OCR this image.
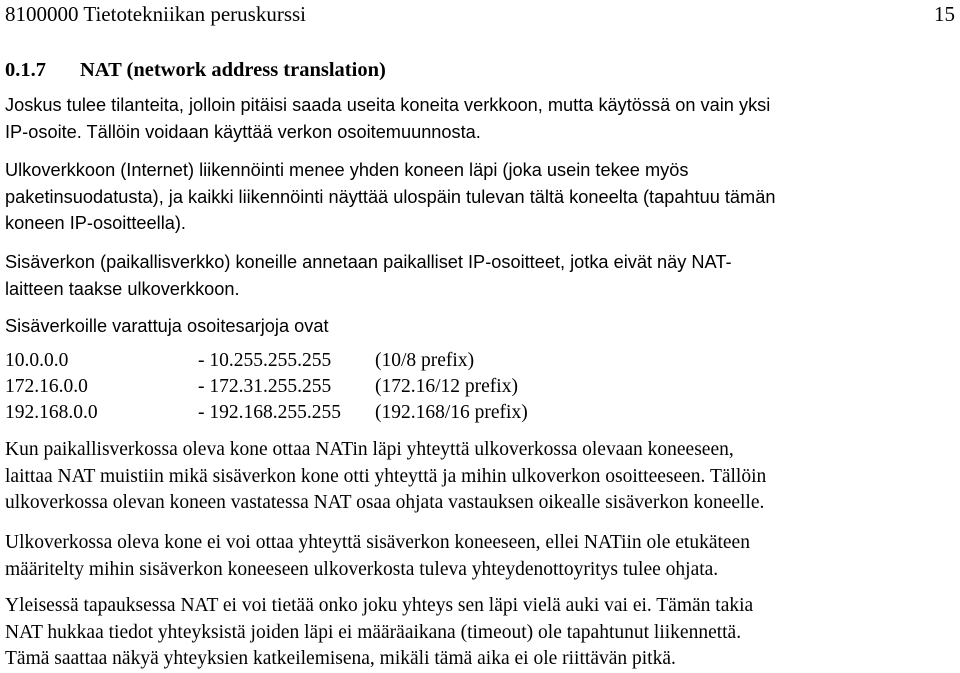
8100000 Tietotekniikan peruskurssi	15
0.1.7 NAT (network address translation)
Joskus tulee tilanteita, jolloin pitäisi saada useita koneita verkkoon, mutta käytössä on vain yksi
IP-osoite. Tällöin voidaan käyttää verkon osoitemuunnosta.
Ulkoverkkoon (Internet) liikennöinti menee yhden koneen läpi (joka usein tekee myös
paketinsuodatusta), ja kaikki liikennöinti näyttää ulospäin tulevan tältä koneelta (tapahtuu tämän
koneen IP-osoitteella).
Sisäverkon (paikallisverkko) koneille annetaan paikalliset IP-osoitteet, jotka eivät näy NAT-
laitteen taakse ulkoverkkoon.
Sisäverkoille varattuja osoitesarjoja ovat
10.0.0.0	- 10.255.255.255 (10/8 prefix)
172.16.0.0	- 172.31.255.255 (172.16/12 prefix)
192.168.0.0	- 192.168.255.255 (192.168/16 prefix)
Kun paikallisverkossa oleva kone ottaa NATin läpi yhteyttä ulkoverkossa olevaan koneeseen,
laittaa NAT muistiin mikä sisäverkon kone otti yhteyttä ja mihin ulkoverkon osoitteeseen. Tällöin
ulkoverkossa olevan koneen vastatessa NAT osaa ohjata vastauksen oikealle sisäverkon koneelle.
Ulkoverkossa oleva kone ei voi ottaa yhteyttä sisäverkon koneeseen, ellei NATiin ole etukäteen
määritelty mihin sisäverkon koneeseen ulkoverkosta tuleva yhteydenottoyritys tulee ohjata.
Yleisessä tapauksessa NAT ei voi tietää onko joku yhteys sen läpi vielä auki vai ei. Tämän takia
NAT hukkaa tiedot yhteyksistä joiden läpi ei määräaikana (timeout) ole tapahtunut liikennettä.
Tämä saattaa näkyä yhteyksien katkeilemisena, mikäli tämä aika ei ole riittävän pitkä.
